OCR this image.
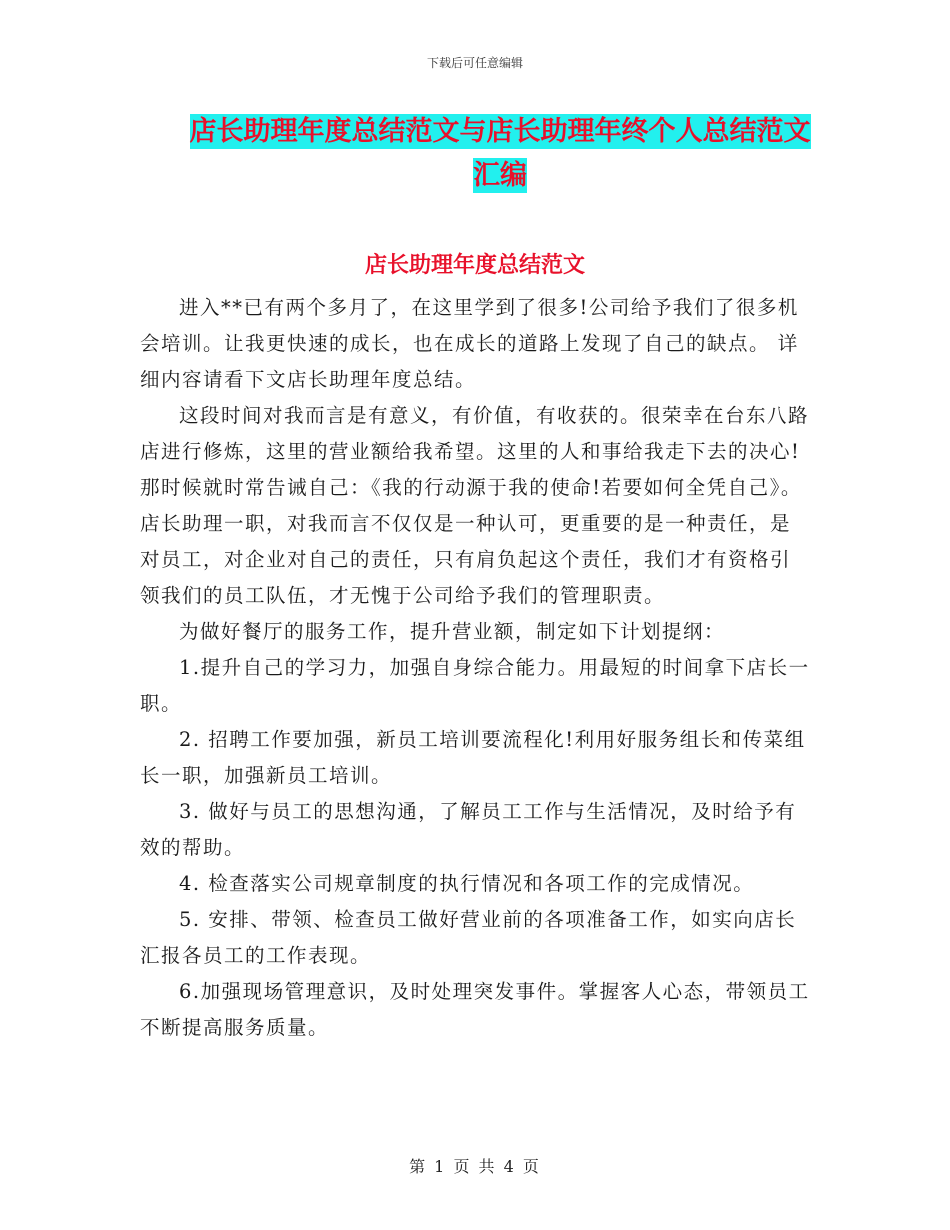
下载后可任意编辑
店长助理年度总结范文与店长助理年终个人总结范文
汇编
店长助理年度总结范文

进入**已有两个多月了，在这里学到了很多!公司给予我们了很多机会培训。让我更快速的成长，也在成长的道路上发现了自己的缺点。 详细内容请看下文店长助理年度总结。

这段时间对我而言是有意义，有价值，有收获的。很荣幸在台东八路店进行修炼，这里的营业额给我希望。这里的人和事给我走下去的决心!那时候就时常告诫自己：《我的行动源于我的使命!若要如何全凭自己》。店长助理一职，对我而言不仅仅是一种认可，更重要的是一种责任，是对员工，对企业对自己的责任，只有肩负起这个责任，我们才有资格引领我们的员工队伍，才无愧于公司给予我们的管理职责。

为做好餐厅的服务工作，提升营业额，制定如下计划提纲：

1.提升自己的学习力，加强自身综合能力。用最短的时间拿下店长一职。

2. 招聘工作要加强，新员工培训要流程化!利用好服务组长和传菜组长一职，加强新员工培训。

3. 做好与员工的思想沟通，了解员工工作与生活情况，及时给予有效的帮助。

4. 检查落实公司规章制度的执行情况和各项工作的完成情况。

5. 安排、带领、检查员工做好营业前的各项准备工作，如实向店长汇报各员工的工作表现。

6.加强现场管理意识，及时处理突发事件。掌握客人心态，带领员工不断提高服务质量。

第 1 页 共 4 页
